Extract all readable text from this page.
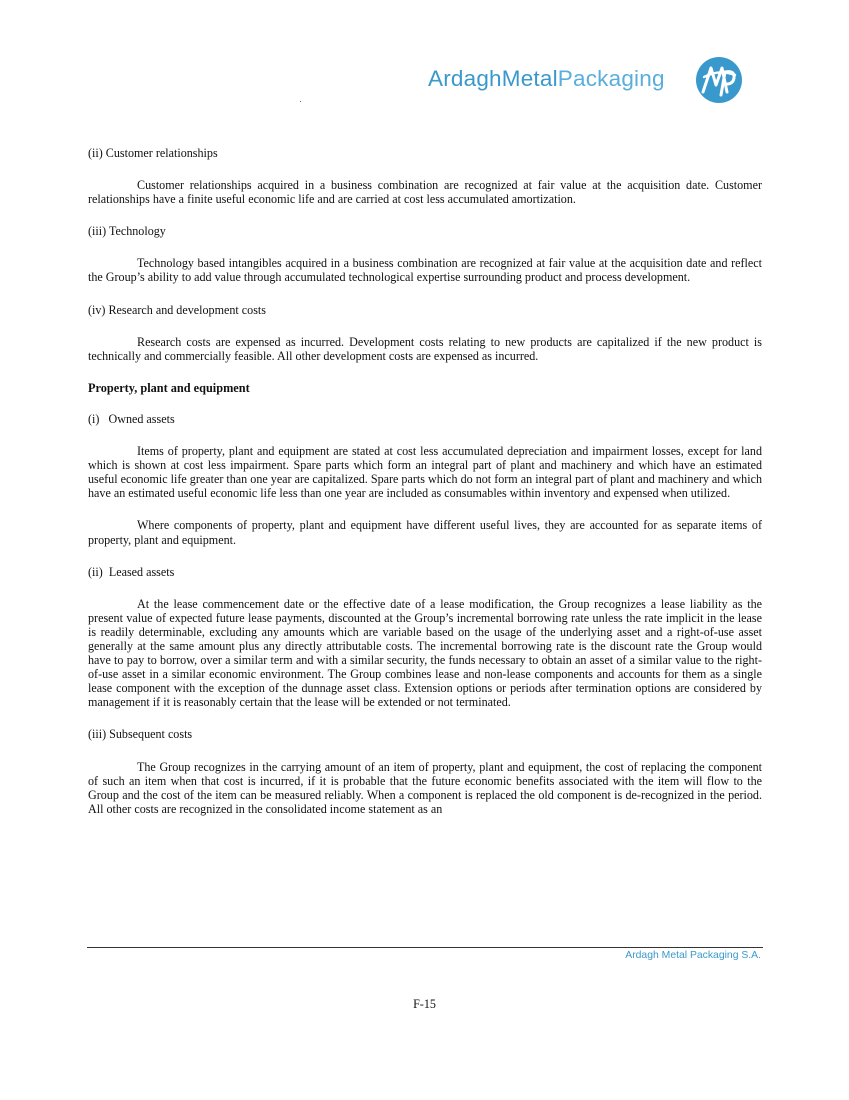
ArdaghMetalPackaging

(ii) Customer relationships

Customer relationships acquired in a business combination are recognized at fair value at the acquisition date. Customer relationships have a finite useful economic life and are carried at cost less accumulated amortization.

(iii) Technology

Technology based intangibles acquired in a business combination are recognized at fair value at the acquisition date and reflect the Group’s ability to add value through accumulated technological expertise surrounding product and process development.

(iv) Research and development costs

Research costs are expensed as incurred. Development costs relating to new products are capitalized if the new product is technically and commercially feasible. All other development costs are expensed as incurred.

Property, plant and equipment

(i)   Owned assets

Items of property, plant and equipment are stated at cost less accumulated depreciation and impairment losses, except for land which is shown at cost less impairment. Spare parts which form an integral part of plant and machinery and which have an estimated useful economic life greater than one year are capitalized. Spare parts which do not form an integral part of plant and machinery and which have an estimated useful economic life less than one year are included as consumables within inventory and expensed when utilized.

Where components of property, plant and equipment have different useful lives, they are accounted for as separate items of property, plant and equipment.

(ii)  Leased assets

At the lease commencement date or the effective date of a lease modification, the Group recognizes a lease liability as the present value of expected future lease payments, discounted at the Group’s incremental borrowing rate unless the rate implicit in the lease is readily determinable, excluding any amounts which are variable based on the usage of the underlying asset and a right-of-use asset generally at the same amount plus any directly attributable costs. The incremental borrowing rate is the discount rate the Group would have to pay to borrow, over a similar term and with a similar security, the funds necessary to obtain an asset of a similar value to the right-of-use asset in a similar economic environment. The Group combines lease and non-lease components and accounts for them as a single lease component with the exception of the dunnage asset class. Extension options or periods after termination options are considered by management if it is reasonably certain that the lease will be extended or not terminated.

(iii) Subsequent costs

The Group recognizes in the carrying amount of an item of property, plant and equipment, the cost of replacing the component of such an item when that cost is incurred, if it is probable that the future economic benefits associated with the item will flow to the Group and the cost of the item can be measured reliably. When a component is replaced the old component is de-recognized in the period. All other costs are recognized in the consolidated income statement as an

Ardagh Metal Packaging S.A.
F-15
